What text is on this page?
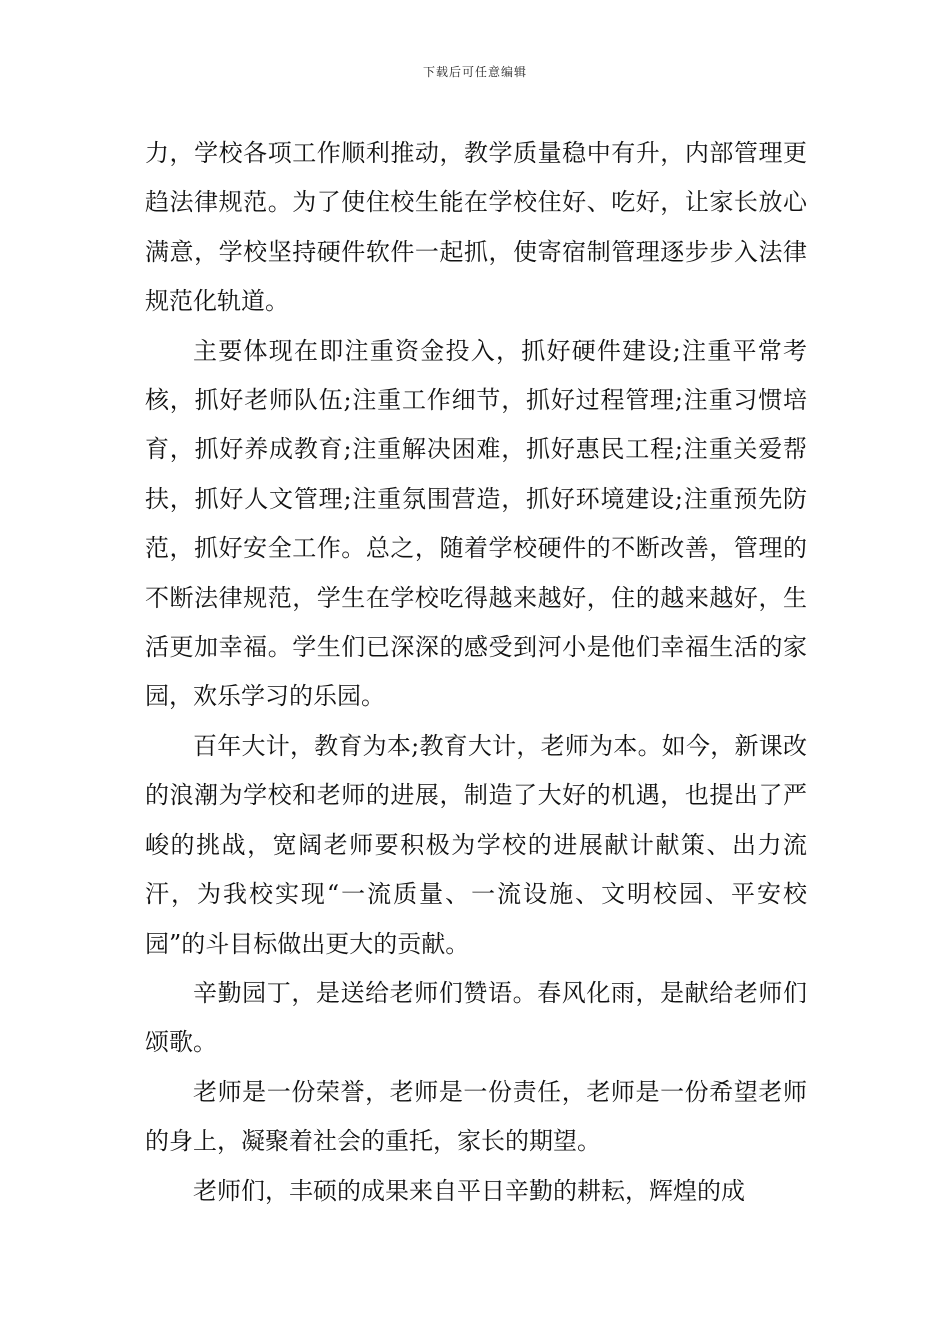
下载后可任意编辑

力，学校各项工作顺利推动，教学质量稳中有升，内部管理更趋法律规范。为了使住校生能在学校住好、吃好，让家长放心满意，学校坚持硬件软件一起抓，使寄宿制管理逐步步入法律规范化轨道。

主要体现在即注重资金投入，抓好硬件建设;注重平常考核，抓好老师队伍;注重工作细节，抓好过程管理;注重习惯培育，抓好养成教育;注重解决困难，抓好惠民工程;注重关爱帮扶，抓好人文管理;注重氛围营造，抓好环境建设;注重预先防范，抓好安全工作。总之，随着学校硬件的不断改善，管理的不断法律规范，学生在学校吃得越来越好，住的越来越好，生活更加幸福。学生们已深深的感受到河小是他们幸福生活的家园，欢乐学习的乐园。

百年大计，教育为本;教育大计，老师为本。如今，新课改的浪潮为学校和老师的进展，制造了大好的机遇，也提出了严峻的挑战，宽阔老师要积极为学校的进展献计献策、出力流汗，为我校实现“一流质量、一流设施、文明校园、平安校园”的斗目标做出更大的贡献。

辛勤园丁，是送给老师们赞语。春风化雨，是献给老师们颂歌。

老师是一份荣誉，老师是一份责任，老师是一份希望老师的身上，凝聚着社会的重托，家长的期望。

老师们，丰硕的成果来自平日辛勤的耕耘，辉煌的成
